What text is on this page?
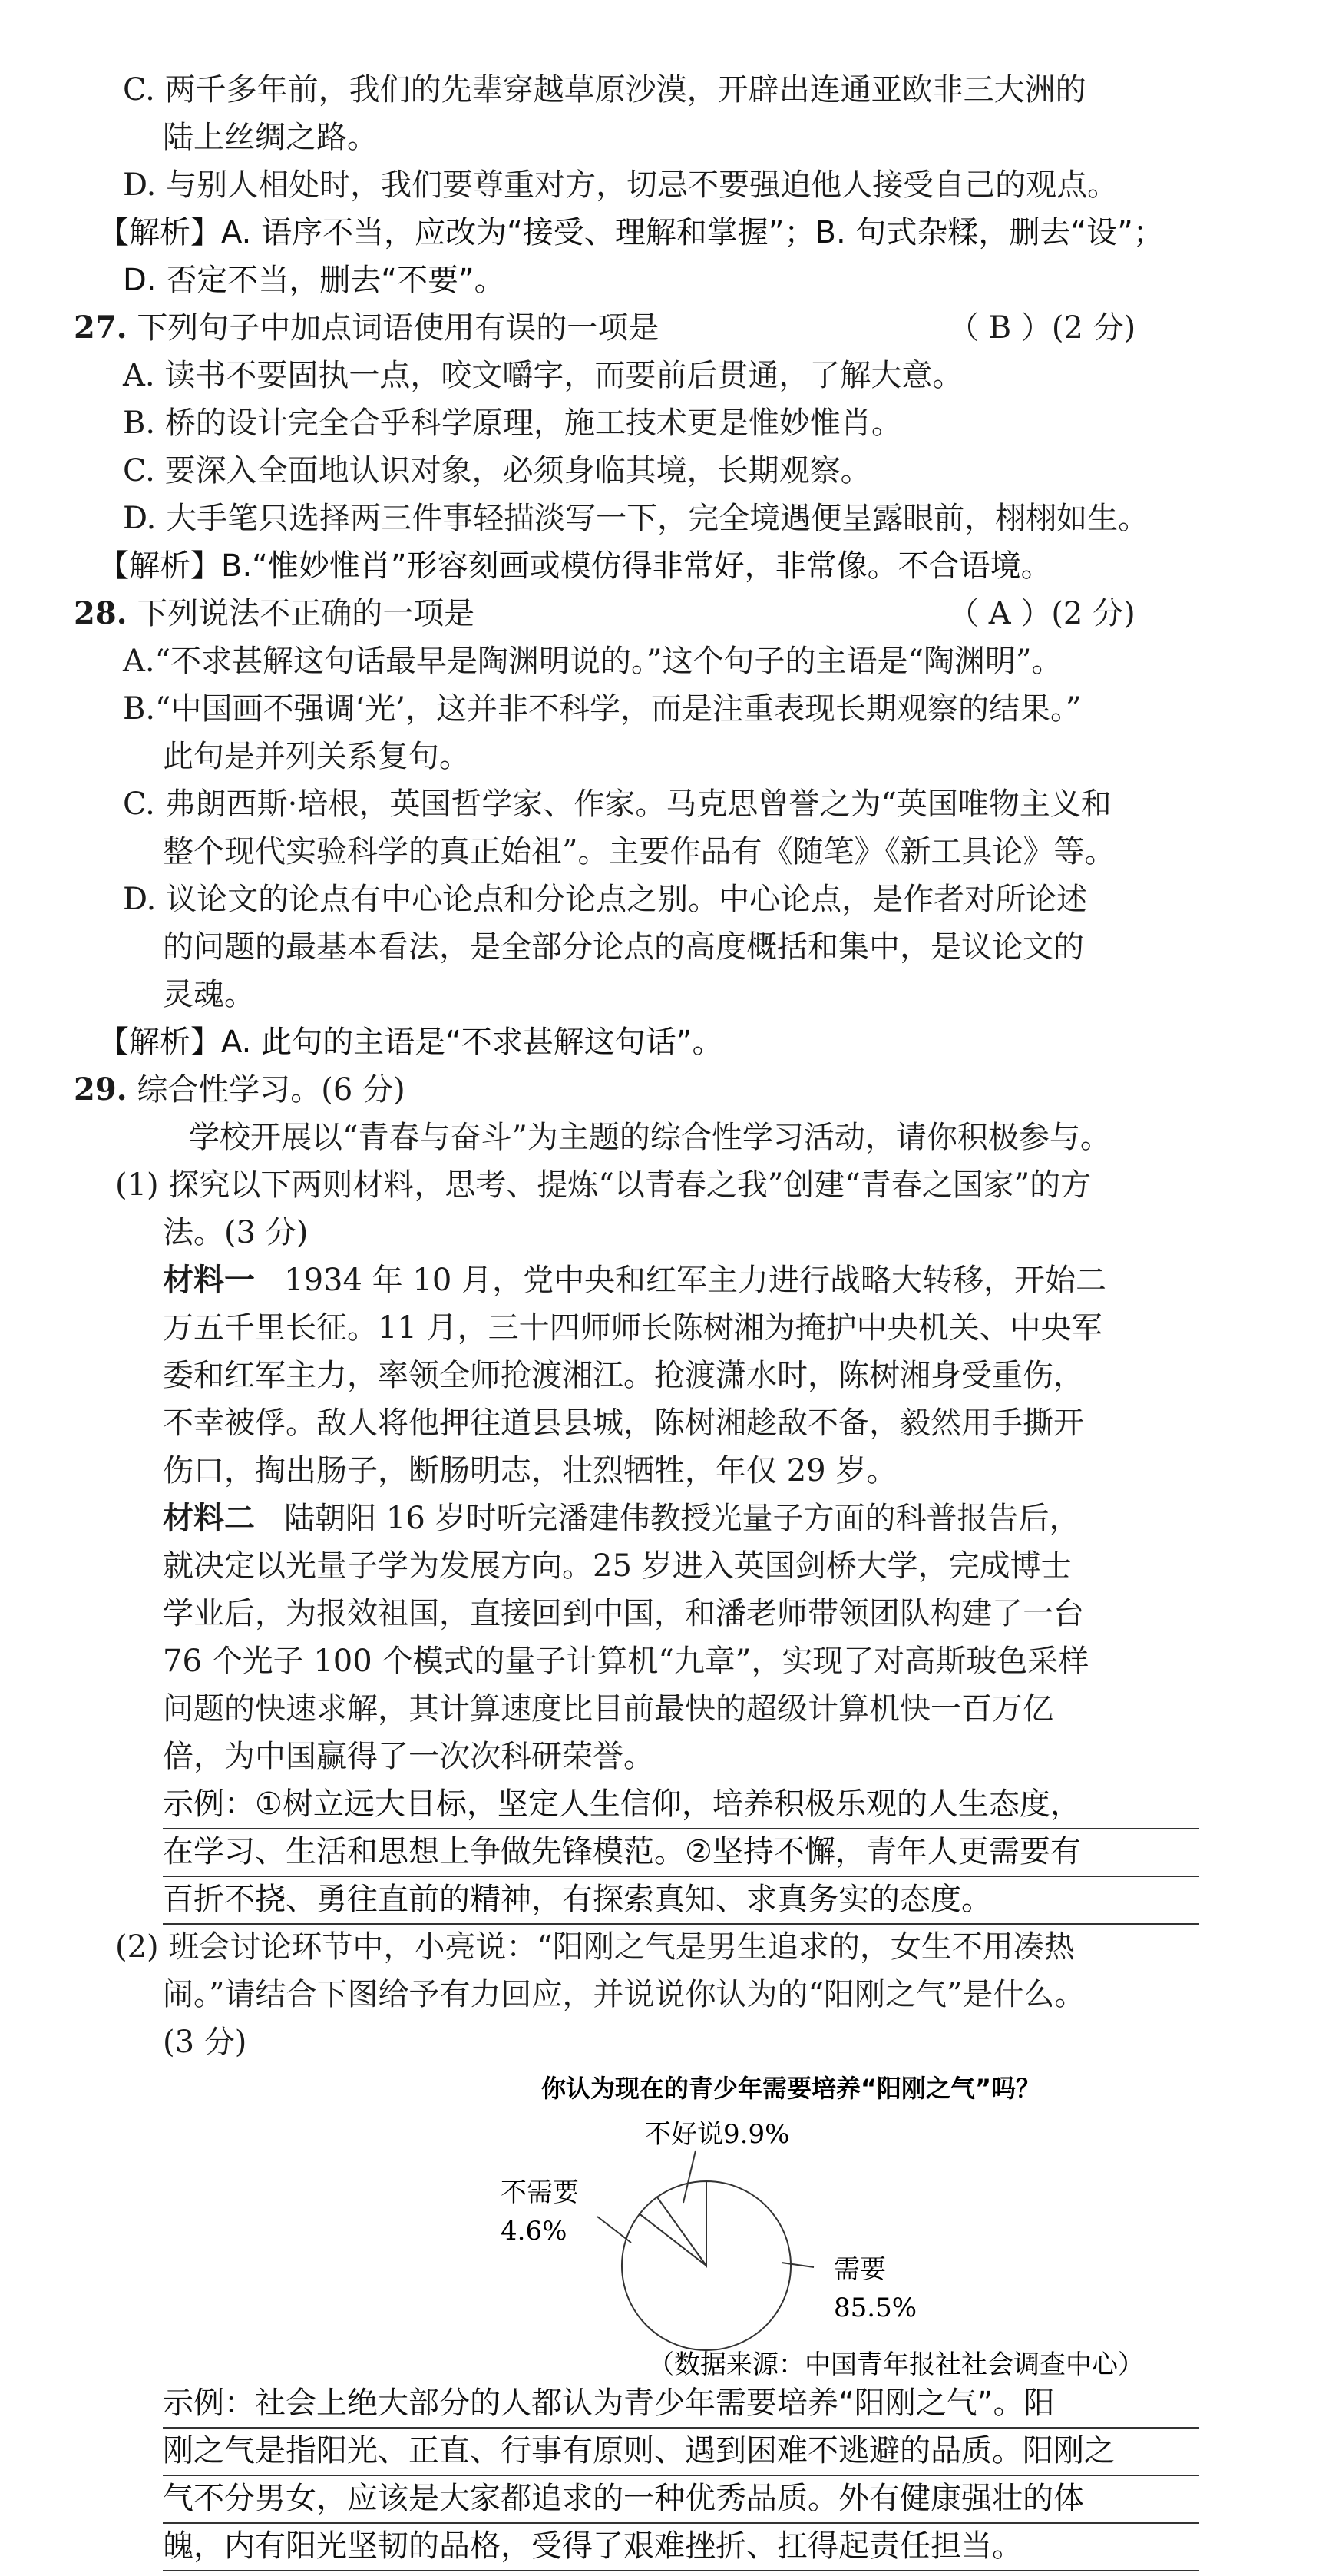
C. 两千多年前，我们的先辈穿越草原沙漠，开辟出连通亚欧非三大洲的
陆上丝绸之路。
D. 与别人相处时，我们要尊重对方，切忌不要强迫他人接受自己的观点。
【解析】A. 语序不当，应改为“接受、理解和掌握”；B. 句式杂糅，删去“设”；
D. 否定不当，删去“不要”。
27. 下列句子中加点词语使用有误的一项是	（ B ）(2 分)
A. 读书不要固执一点，咬文嚼字，而要前后贯通，了解大意。
B. 桥的设计完全合乎科学原理，施工技术更是惟妙惟肖。
C. 要深入全面地认识对象，必须身临其境，长期观察。
D. 大手笔只选择两三件事轻描淡写一下，完全境遇便呈露眼前，栩栩如生。
【解析】B.“惟妙惟肖”形容刻画或模仿得非常好，非常像。不合语境。
28. 下列说法不正确的一项是	（ A ）(2 分)
A.“不求甚解这句话最早是陶渊明说的。”这个句子的主语是“陶渊明”。
B.“中国画不强调‘光’，这并非不科学，而是注重表现长期观察的结果。”
此句是并列关系复句。
C. 弗朗西斯·培根，英国哲学家、作家。马克思曾誉之为“英国唯物主义和
整个现代实验科学的真正始祖”。主要作品有《随笔》《新工具论》等。
D. 议论文的论点有中心论点和分论点之别。中心论点，是作者对所论述
的问题的最基本看法，是全部分论点的高度概括和集中，是议论文的
灵魂。
【解析】A. 此句的主语是“不求甚解这句话”。
29. 综合性学习。(6 分)
学校开展以“青春与奋斗”为主题的综合性学习活动，请你积极参与。
(1) 探究以下两则材料，思考、提炼“以青春之我”创建“青春之国家”的方
法。(3 分)
材料一 1934 年 10 月，党中央和红军主力进行战略大转移，开始二
万五千里长征。11 月，三十四师师长陈树湘为掩护中央机关、中央军
委和红军主力，率领全师抢渡湘江。抢渡潇水时，陈树湘身受重伤，
不幸被俘。敌人将他押往道县县城，陈树湘趁敌不备，毅然用手撕开
伤口，掏出肠子，断肠明志，壮烈牺牲，年仅 29 岁。
材料二 陆朝阳 16 岁时听完潘建伟教授光量子方面的科普报告后，
就决定以光量子学为发展方向。25 岁进入英国剑桥大学，完成博士
学业后，为报效祖国，直接回到中国，和潘老师带领团队构建了一台
76 个光子 100 个模式的量子计算机“九章”，实现了对高斯玻色采样
问题的快速求解，其计算速度比目前最快的超级计算机快一百万亿
倍，为中国赢得了一次次科研荣誉。
示例：①树立远大目标，坚定人生信仰，培养积极乐观的人生态度，
在学习、生活和思想上争做先锋模范。②坚持不懈，青年人更需要有
百折不挠、勇往直前的精神，有探索真知、求真务实的态度。
(2) 班会讨论环节中，小亮说：“阳刚之气是男生追求的，女生不用凑热
闹。”请结合下图给予有力回应，并说说你认为的“阳刚之气”是什么。
(3 分)
你认为现在的青少年需要培养“阳刚之气”吗？
不好说9.9%
不需要
4.6%
需要
85.5%
（数据来源：中国青年报社社会调查中心）
示例：社会上绝大部分的人都认为青少年需要培养“阳刚之气”。阳
刚之气是指阳光、正直、行事有原则、遇到困难不逃避的品质。阳刚之
气不分男女，应该是大家都追求的一种优秀品质。外有健康强壮的体
魄，内有阳光坚韧的品格，受得了艰难挫折、扛得起责任担当。
